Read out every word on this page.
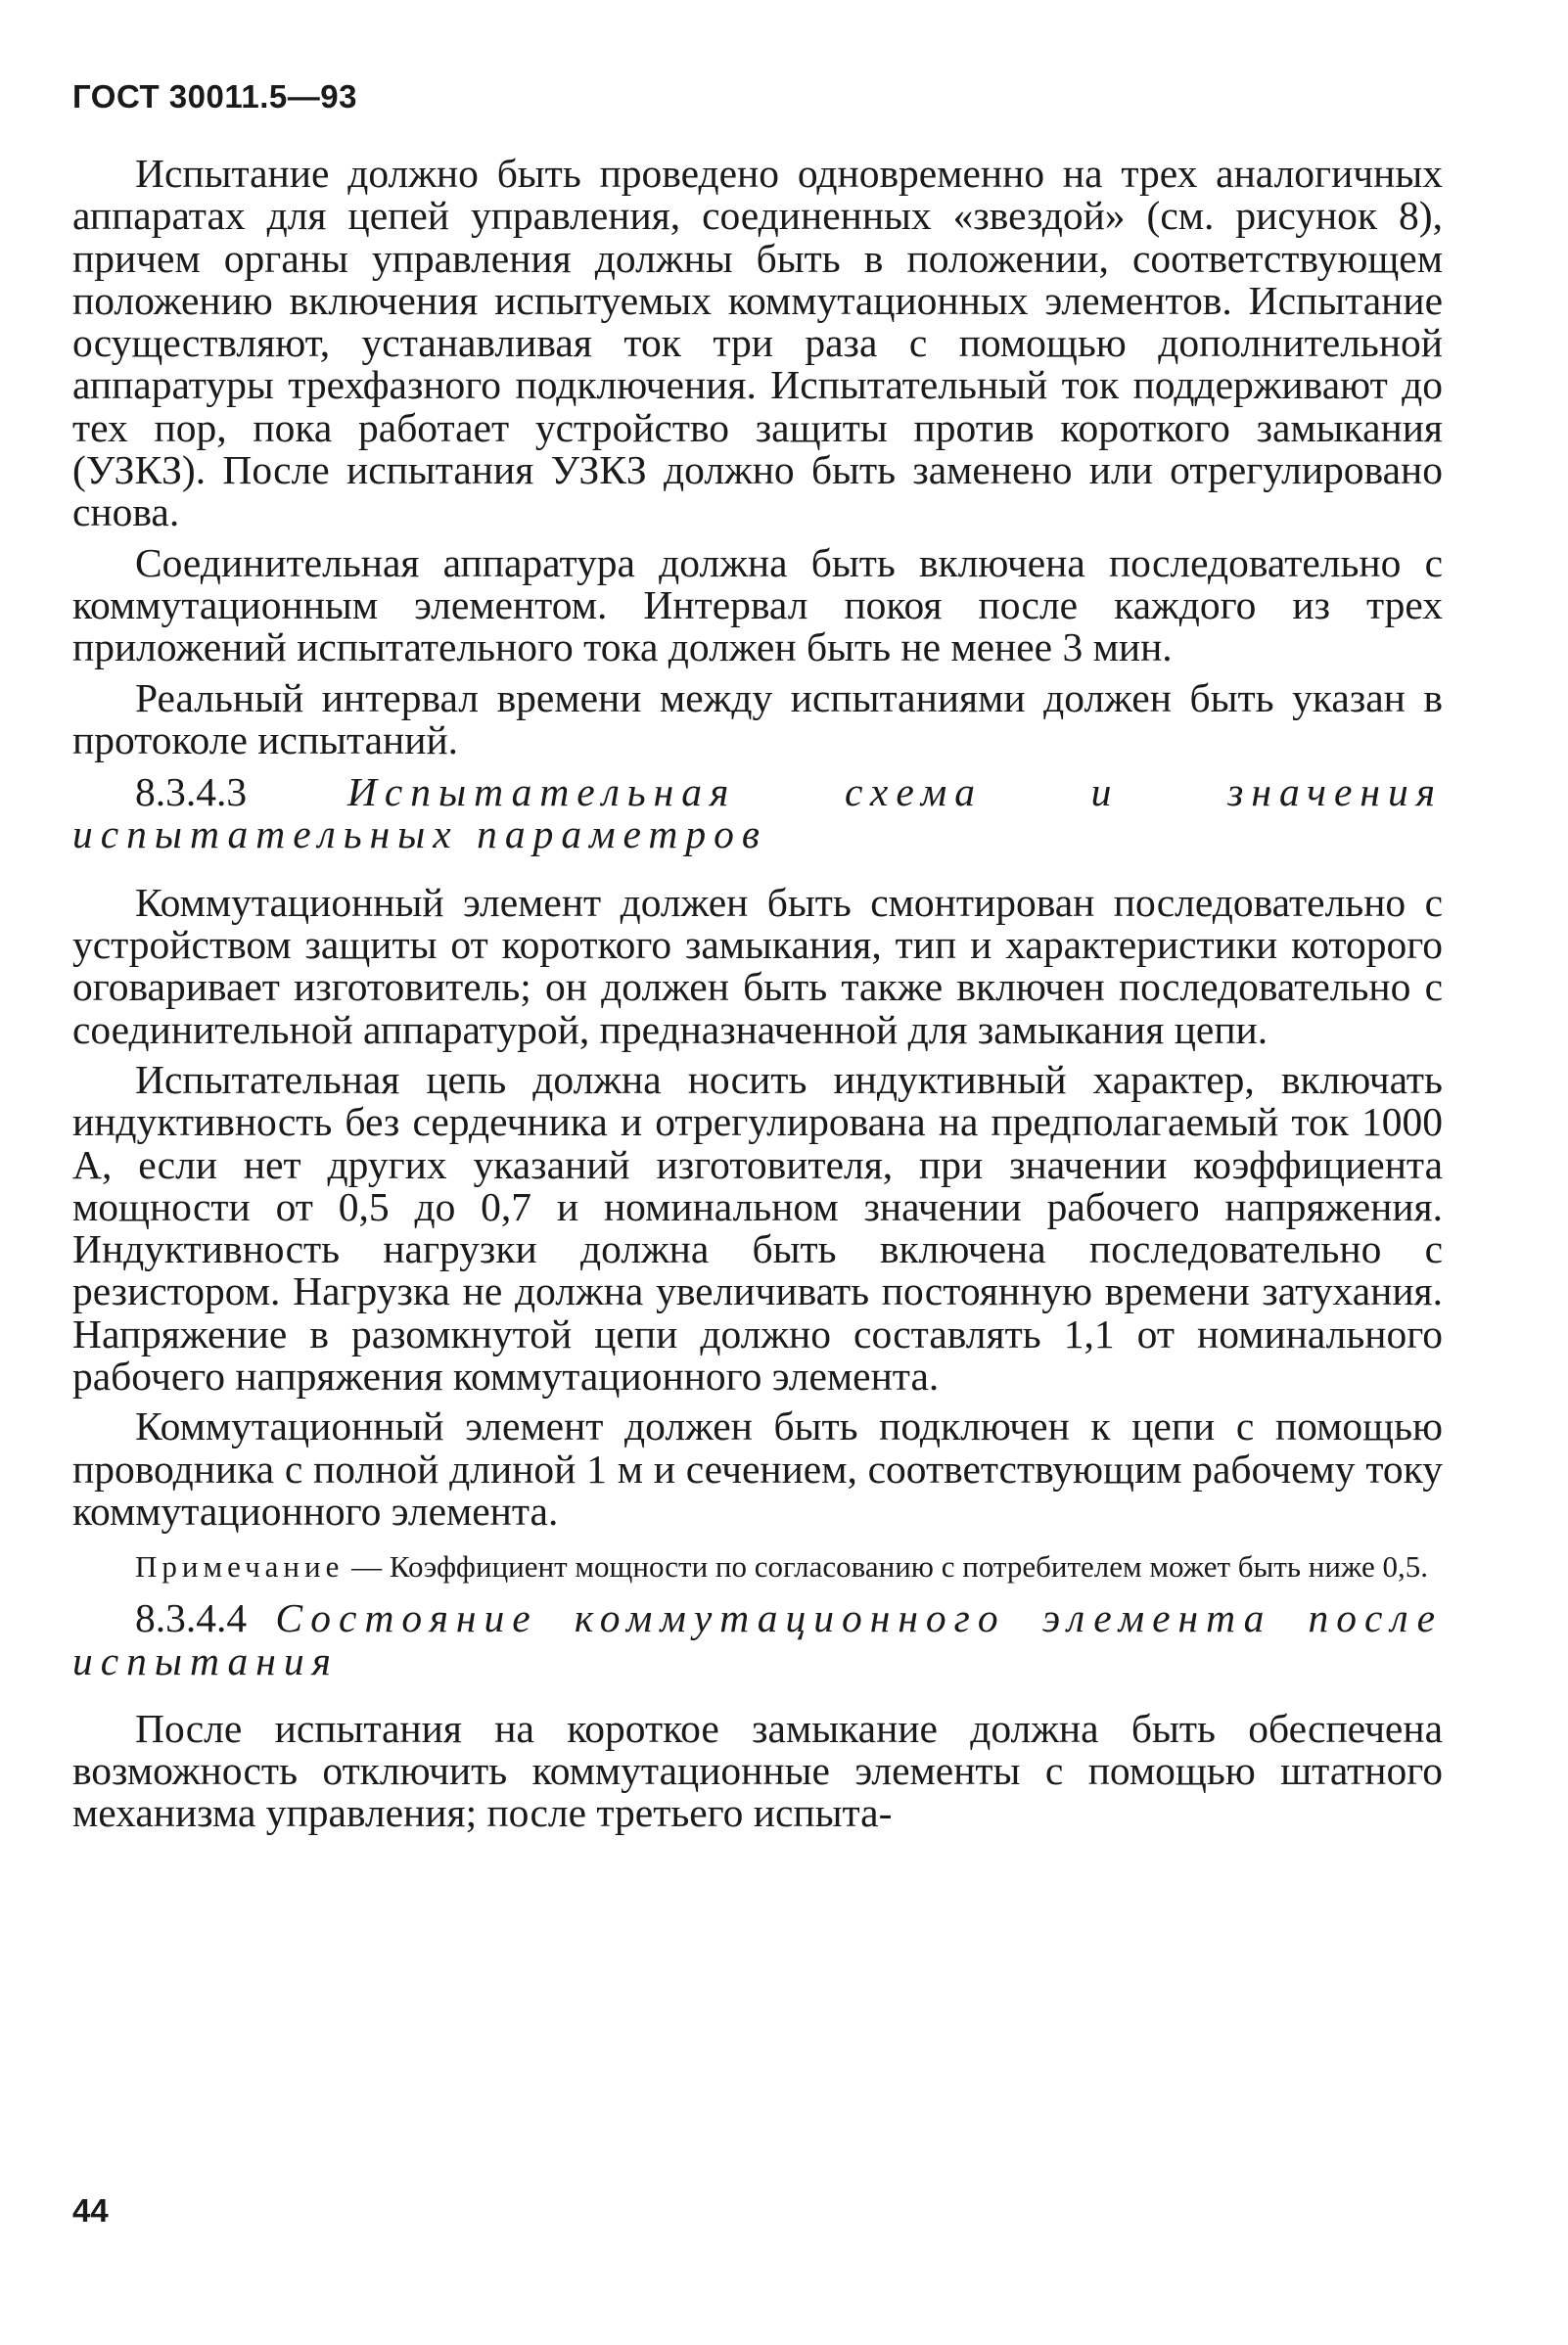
ГОСТ 30011.5—93

Испытание должно быть проведено одновременно на трех аналогичных аппаратах для цепей управления, соединенных «звездой» (см. рисунок 8), причем органы управления должны быть в положении, соответствующем положению включения испытуемых коммутационных элементов. Испытание осуществляют, устанавливая ток три раза с помощью дополнительной аппаратуры трехфазного подключения. Испытательный ток поддерживают до тех пор, пока работает устройство защиты против короткого замыкания (УЗКЗ). После испытания УЗКЗ должно быть заменено или отрегулировано снова.

Соединительная аппаратура должна быть включена последовательно с коммутационным элементом. Интервал покоя после каждого из трех приложений испытательного тока должен быть не менее 3 мин.

Реальный интервал времени между испытаниями должен быть указан в протоколе испытаний.

8.3.4.3 Испытательная схема и значения испытательных параметров

Коммутационный элемент должен быть смонтирован последовательно с устройством защиты от короткого замыкания, тип и характеристики которого оговаривает изготовитель; он должен быть также включен последовательно с соединительной аппаратурой, предназначенной для замыкания цепи.

Испытательная цепь должна носить индуктивный характер, включать индуктивность без сердечника и отрегулирована на предполагаемый ток 1000 А, если нет других указаний изготовителя, при значении коэффициента мощности от 0,5 до 0,7 и номинальном значении рабочего напряжения. Индуктивность нагрузки должна быть включена последовательно с резистором. Нагрузка не должна увеличивать постоянную времени затухания. Напряжение в разомкнутой цепи должно составлять 1,1 от номинального рабочего напряжения коммутационного элемента.

Коммутационный элемент должен быть подключен к цепи с помощью проводника с полной длиной 1 м и сечением, соответствующим рабочему току коммутационного элемента.

Примечание — Коэффициент мощности по согласованию с потребителем может быть ниже 0,5.

8.3.4.4 Состояние коммутационного элемента после испытания

После испытания на короткое замыкание должна быть обеспечена возможность отключить коммутационные элементы с помощью штатного механизма управления; после третьего испыта-

44
